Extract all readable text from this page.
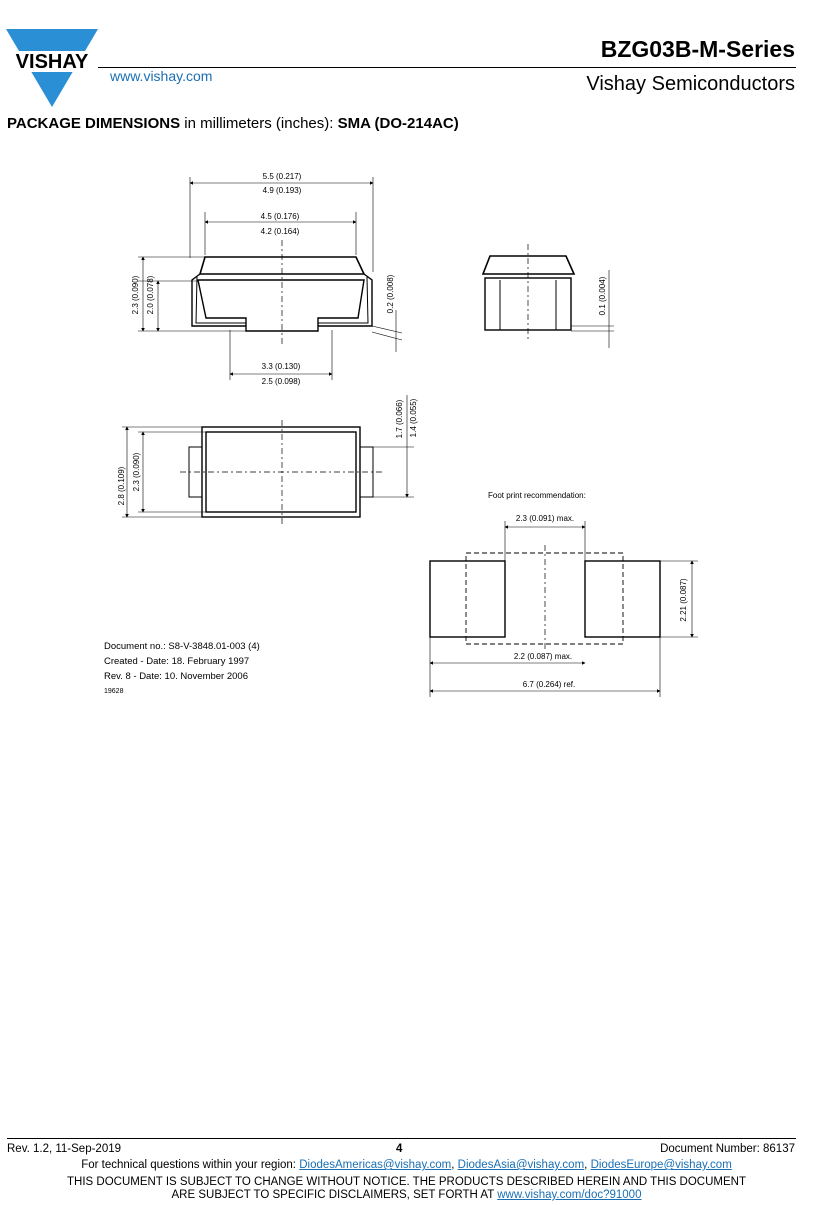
VISHAY
www.vishay.com
BZG03B-M-Series
Vishay Semiconductors
PACKAGE DIMENSIONS in millimeters (inches): SMA (DO-214AC)
5.5 (0.217)
4.9 (0.193)
4.5 (0.176)
4.2 (0.164)
3.3 (0.130)
2.5 (0.098)
2.3 (0.090) 2.0 (0.078)	0.2 (0.008)	0.1 (0.004)
2.8 (0.109) 2.3 (0.090)
1.7 (0.066) 1.4 (0.055)
Foot print recommendation:
2.3 (0.091) max.
2.21 (0.087)
2.2 (0.087) max.
6.7 (0.264) ref.
Document no.: S8-V-3848.01-003 (4)
Created - Date: 18. February 1997
Rev. 8 - Date: 10. November 2006
19628
Rev. 1.2, 11-Sep-2019	4	Document Number: 86137
For technical questions within your region: DiodesAmericas@vishay.com, DiodesAsia@vishay.com, DiodesEurope@vishay.com
THIS DOCUMENT IS SUBJECT TO CHANGE WITHOUT NOTICE. THE PRODUCTS DESCRIBED HEREIN AND THIS DOCUMENT
ARE SUBJECT TO SPECIFIC DISCLAIMERS, SET FORTH AT www.vishay.com/doc?91000
